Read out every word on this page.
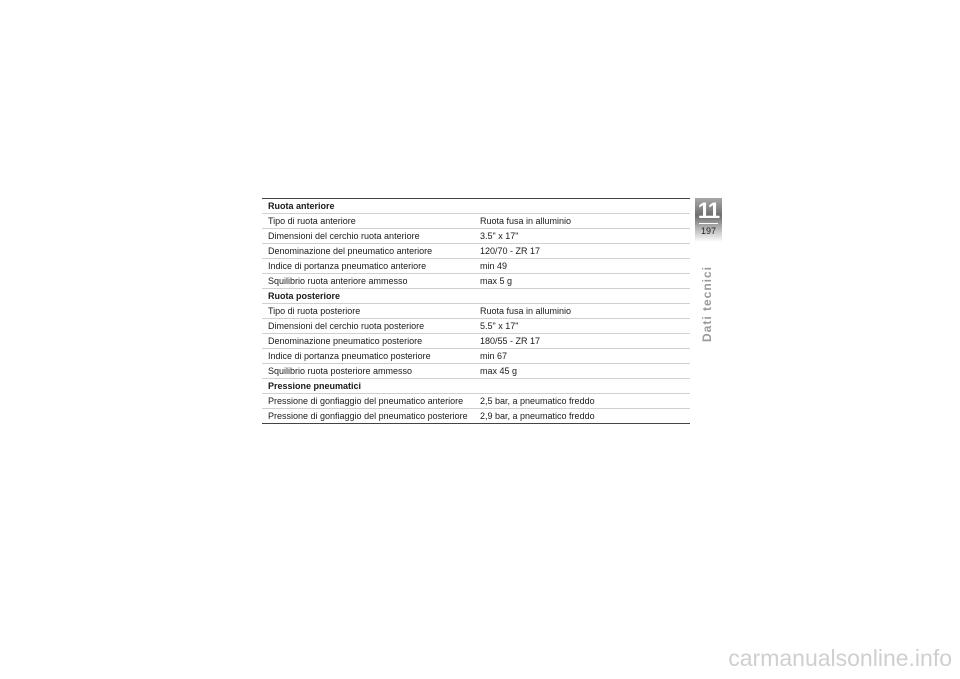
Ruota anteriore	
Tipo di ruota anteriore	Ruota fusa in alluminio
Dimensioni del cerchio ruota anteriore	3.5" x 17"
Denominazione del pneumatico anteriore	120/70 - ZR 17
Indice di portanza pneumatico anteriore	min 49
Squilibrio ruota anteriore ammesso	max 5 g
Ruota posteriore	
Tipo di ruota posteriore	Ruota fusa in alluminio
Dimensioni del cerchio ruota posteriore	5.5" x 17"
Denominazione pneumatico posteriore	180/55 - ZR 17
Indice di portanza pneumatico posteriore	min 67
Squilibrio ruota posteriore ammesso	max 45 g
Pressione pneumatici	
Pressione di gonfiaggio del pneumatico anteriore	2,5 bar, a pneumatico freddo
Pressione di gonfiaggio del pneumatico posteriore	2,9 bar, a pneumatico freddo
11
197
Dati tecnici
carmanualsonline.info
